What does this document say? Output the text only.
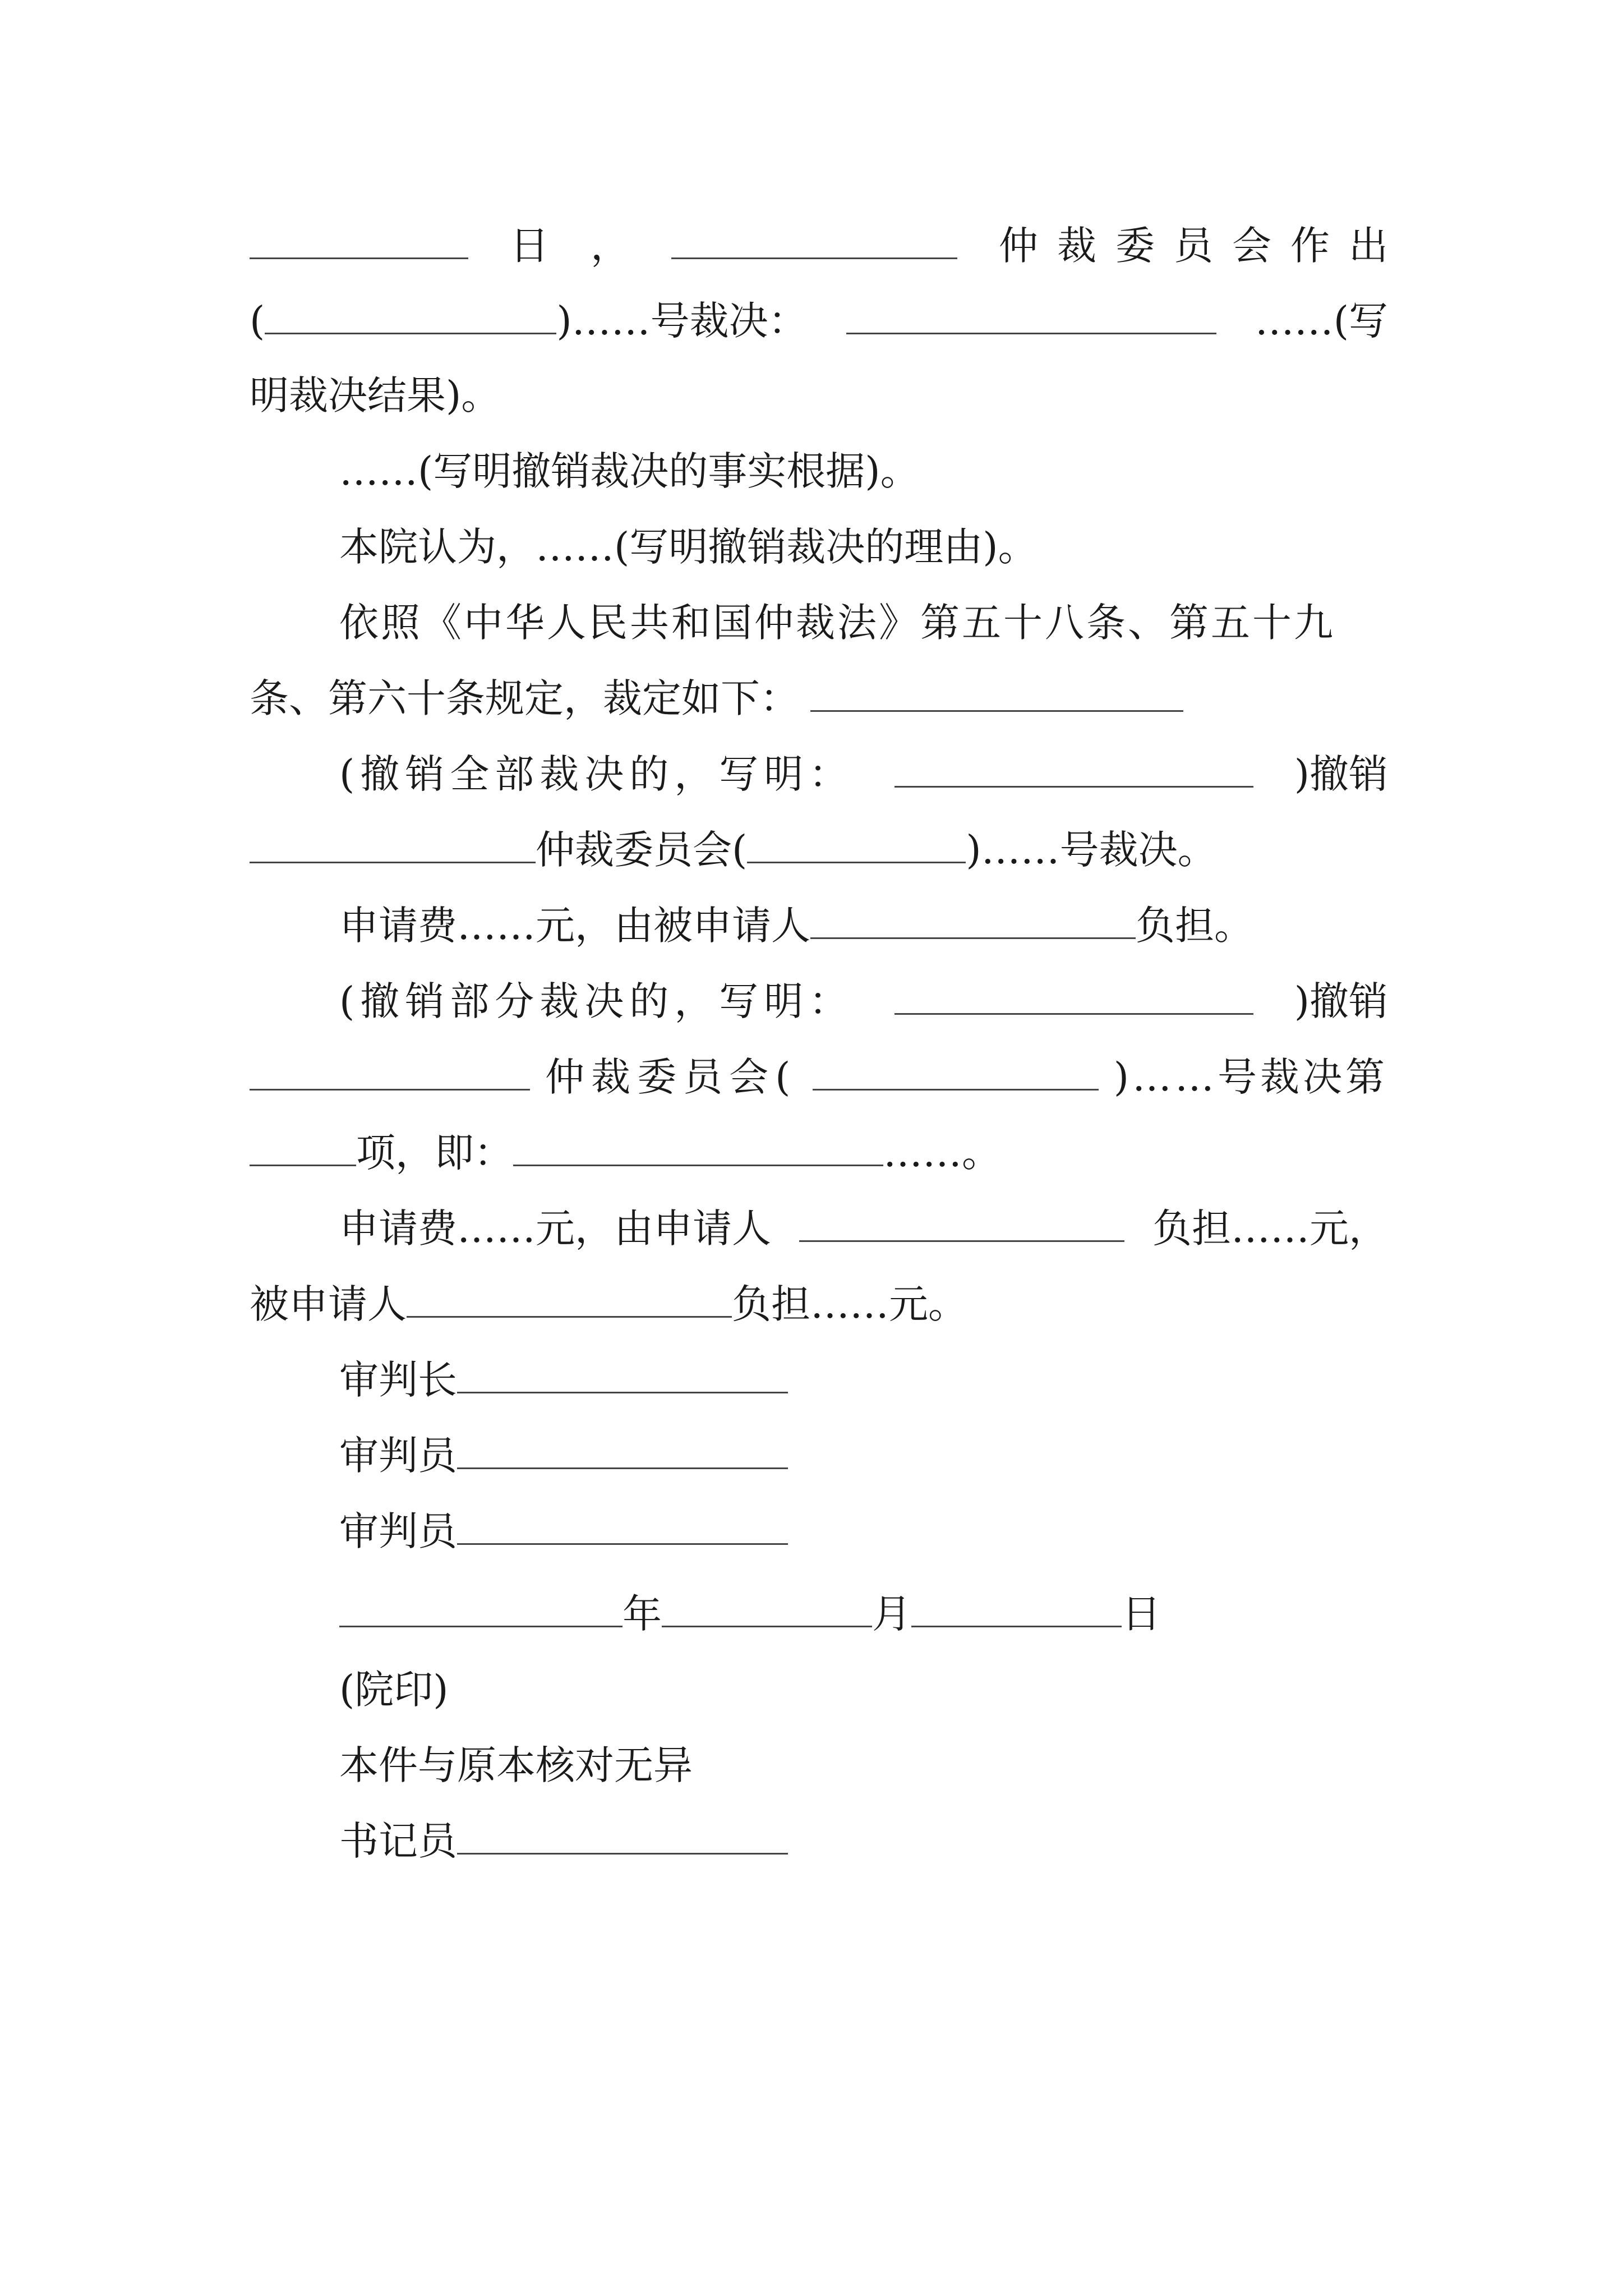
日 ，	仲裁委员会作出
(	)……号裁决：	……(写
明裁决结果)。
……(写明撤销裁决的事实根据)。
本院认为，……(写明撤销裁决的理由)。
依照《中华人民共和国仲裁法》第五十八条、第五十九
条、第六十条规定，裁定如下：
(撤销全部裁决的，写明：	)撤销
仲裁委员会(	)……号裁决。
申请费……元，由被申请人	负担。
(撤销部分裁决的，写明：	)撤销
仲裁委员会(	)……号裁决第
项，即：	……。
申请费……元，由申请人	负担……元，
被申请人	负担……元。
审判长
审判员
审判员
年	月	日
(院印)
本件与原本核对无异
书记员
